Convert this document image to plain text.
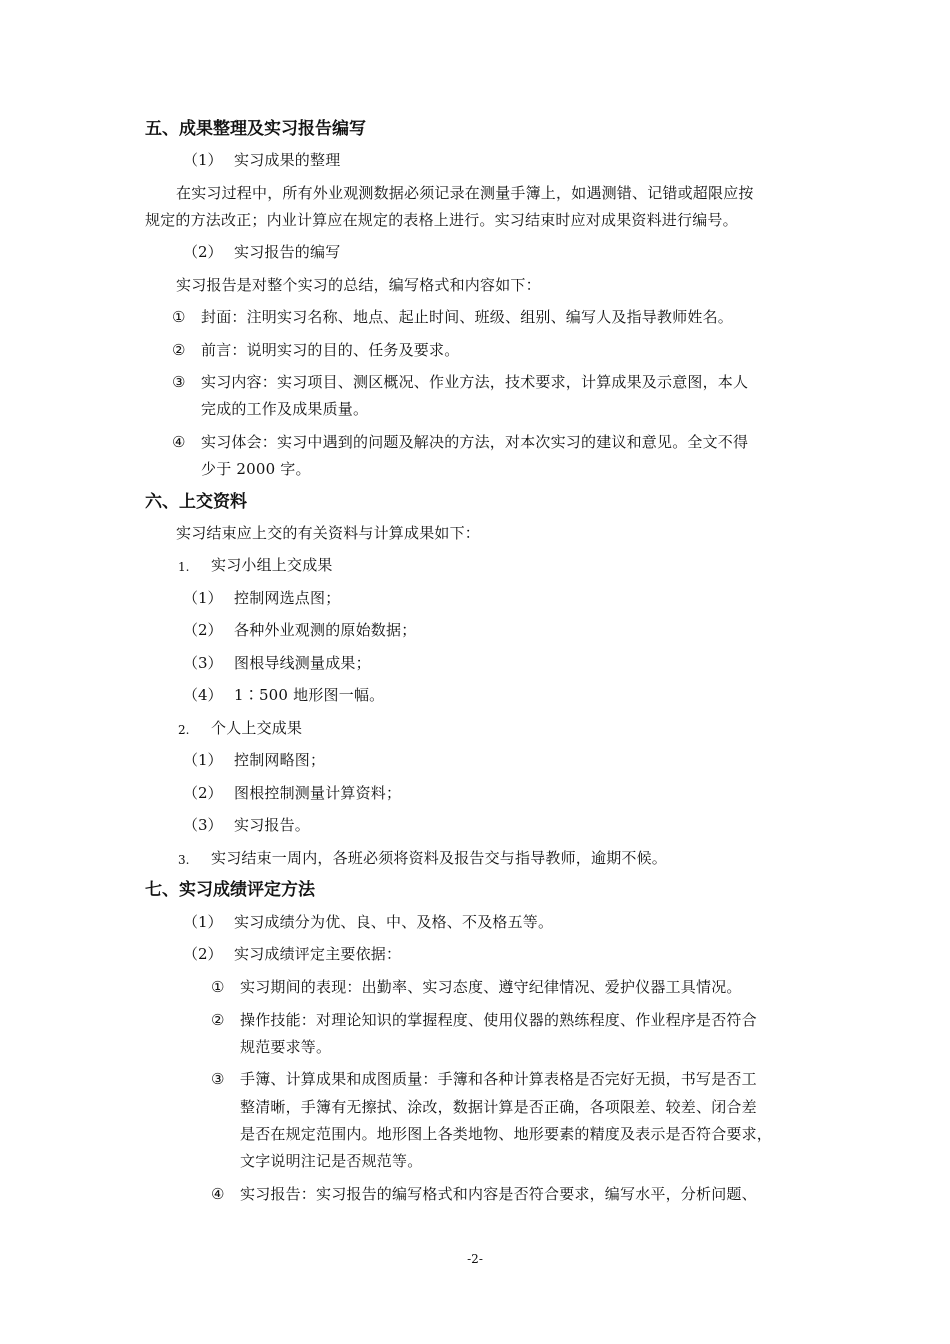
五、成果整理及实习报告编写
（1） 实习成果的整理
在实习过程中，所有外业观测数据必须记录在测量手簿上，如遇测错、记错或超限应按
规定的方法改正；内业计算应在规定的表格上进行。实习结束时应对成果资料进行编号。
（2） 实习报告的编写
实习报告是对整个实习的总结，编写格式和内容如下：
① 封面：注明实习名称、地点、起止时间、班级、组别、编写人及指导教师姓名。
② 前言：说明实习的目的、任务及要求。
③ 实习内容：实习项目、测区概况、作业方法，技术要求，计算成果及示意图，本人
完成的工作及成果质量。
④ 实习体会：实习中遇到的问题及解决的方法，对本次实习的建议和意见。全文不得
少于 2000 字。
六、上交资料
实习结束应上交的有关资料与计算成果如下：
1. 实习小组上交成果
（1） 控制网选点图；
（2） 各种外业观测的原始数据；
（3） 图根导线测量成果；
（4） 1∶500 地形图一幅。
2. 个人上交成果
（1） 控制网略图；
（2） 图根控制测量计算资料；
（3） 实习报告。
3. 实习结束一周内，各班必须将资料及报告交与指导教师，逾期不候。
七、实习成绩评定方法
（1） 实习成绩分为优、良、中、及格、不及格五等。
（2） 实习成绩评定主要依据：
① 实习期间的表现：出勤率、实习态度、遵守纪律情况、爱护仪器工具情况。
② 操作技能：对理论知识的掌握程度、使用仪器的熟练程度、作业程序是否符合
规范要求等。
③ 手簿、计算成果和成图质量：手簿和各种计算表格是否完好无损，书写是否工
整清晰，手簿有无擦拭、涂改，数据计算是否正确，各项限差、较差、闭合差
是否在规定范围内。地形图上各类地物、地形要素的精度及表示是否符合要求，
文字说明注记是否规范等。
④ 实习报告：实习报告的编写格式和内容是否符合要求，编写水平，分析问题、
-2-
